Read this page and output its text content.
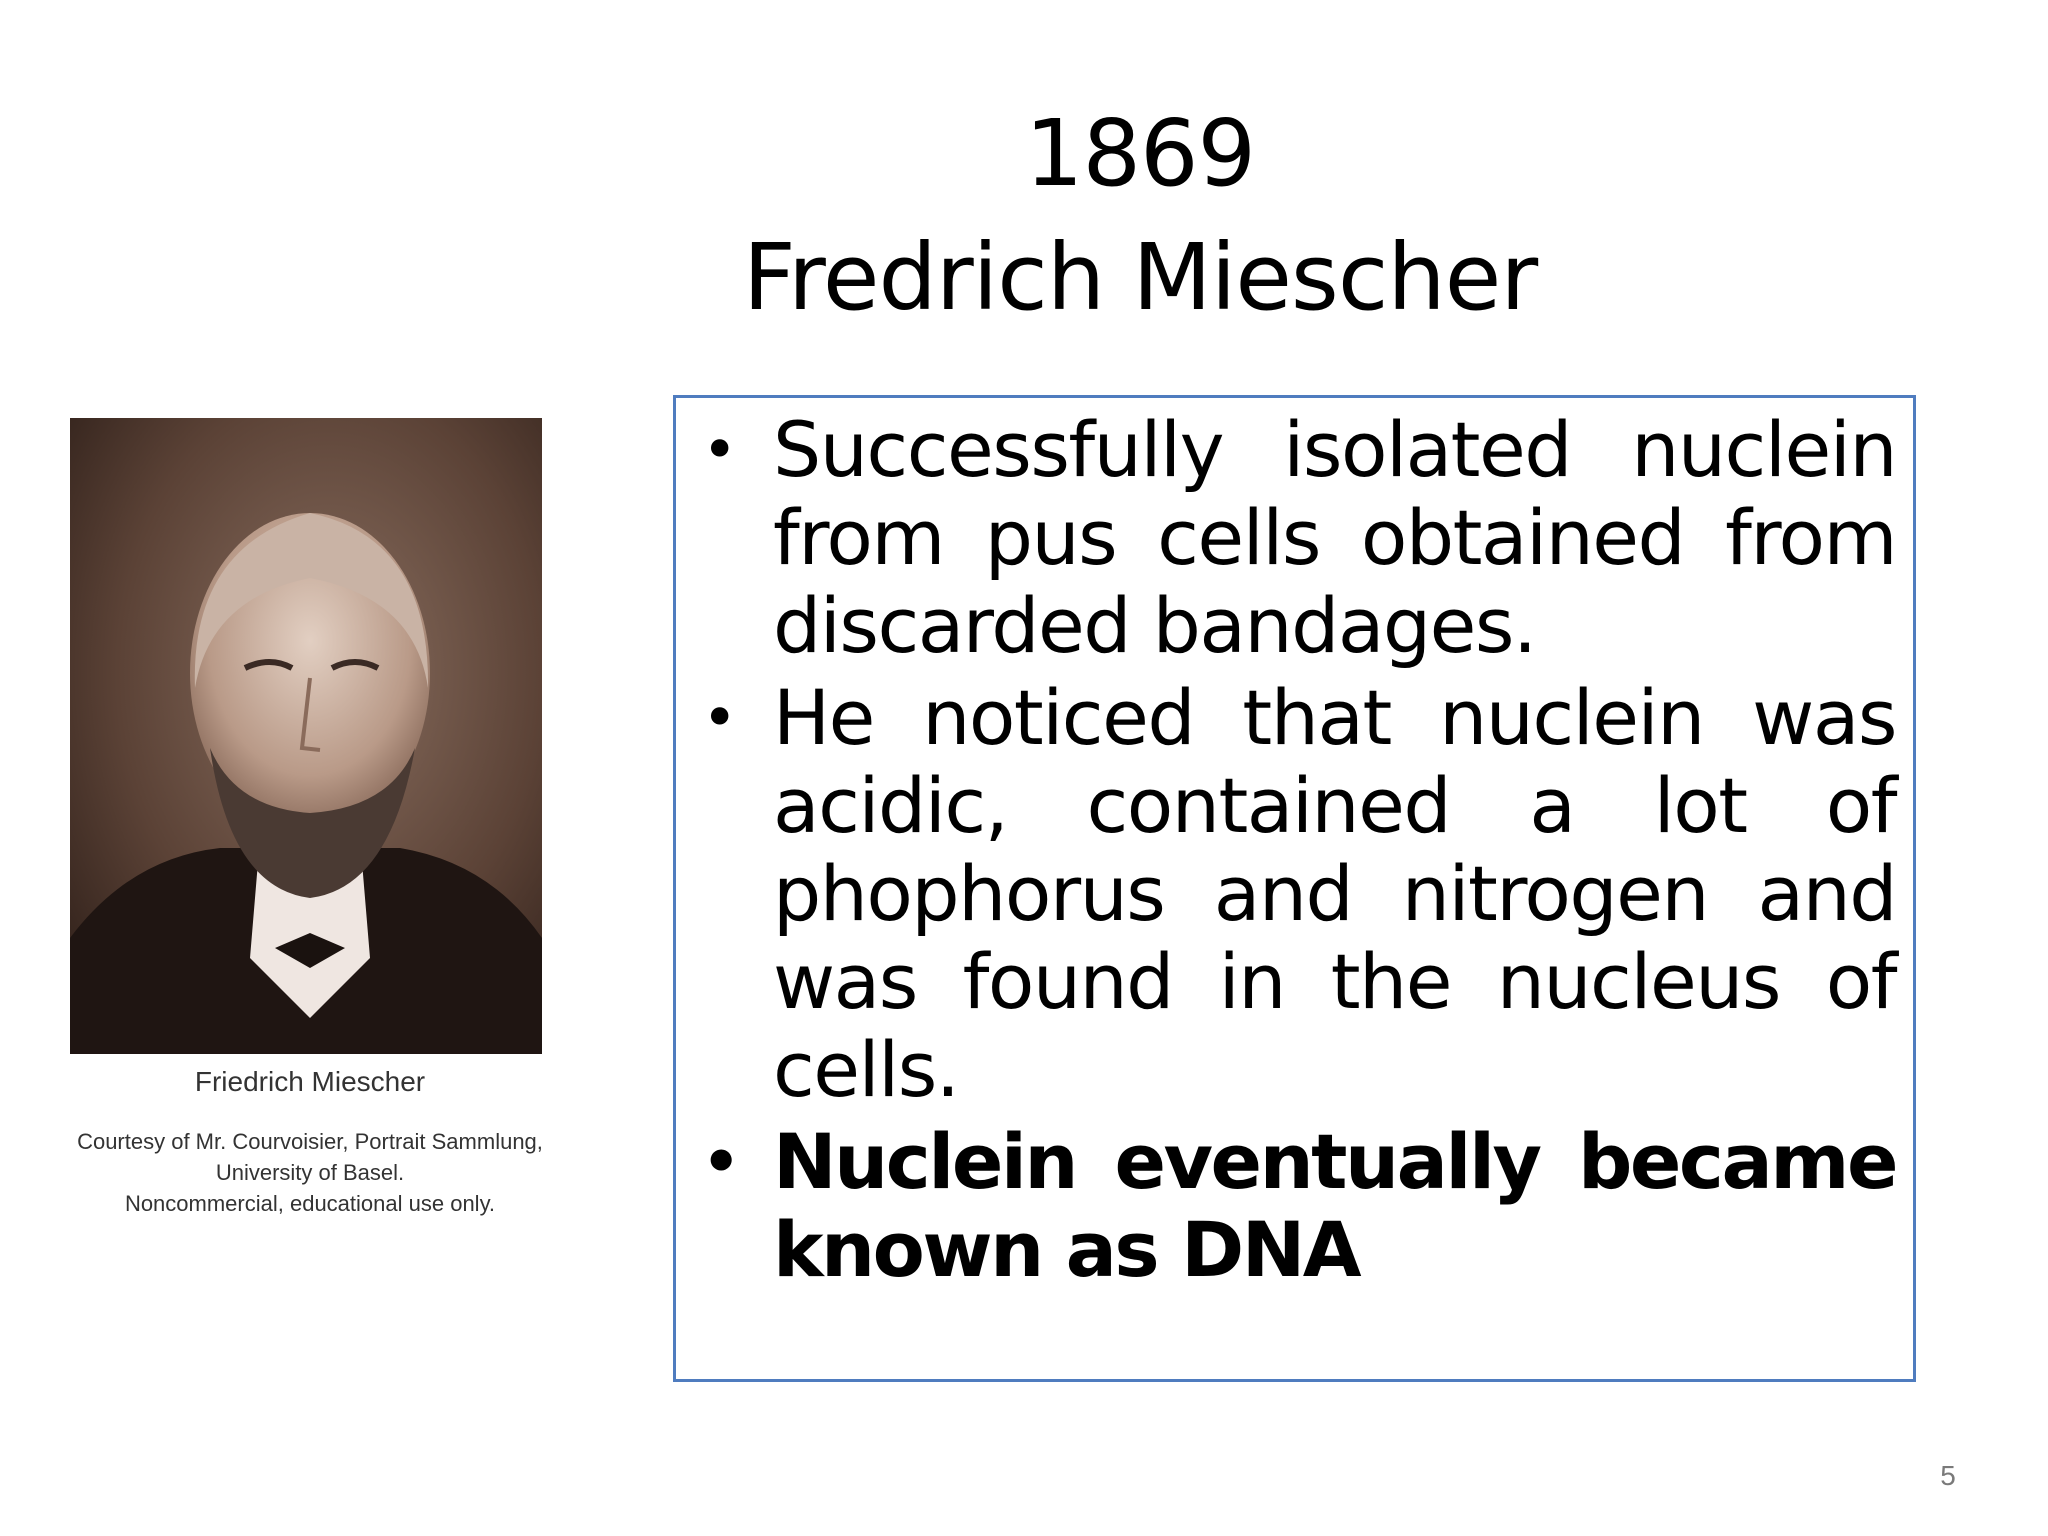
1869
Fredrich Miescher
Friedrich Miescher
Courtesy of Mr. Courvoisier, Portrait Sammlung,
University of Basel.
Noncommercial, educational use only.
• Successfully isolated nuclein from pus cells obtained from discarded bandages.
• He noticed that nuclein was acidic, contained a lot of phophorus and nitrogen and was found in the nucleus of cells.
• Nuclein eventually became known as DNA
5
